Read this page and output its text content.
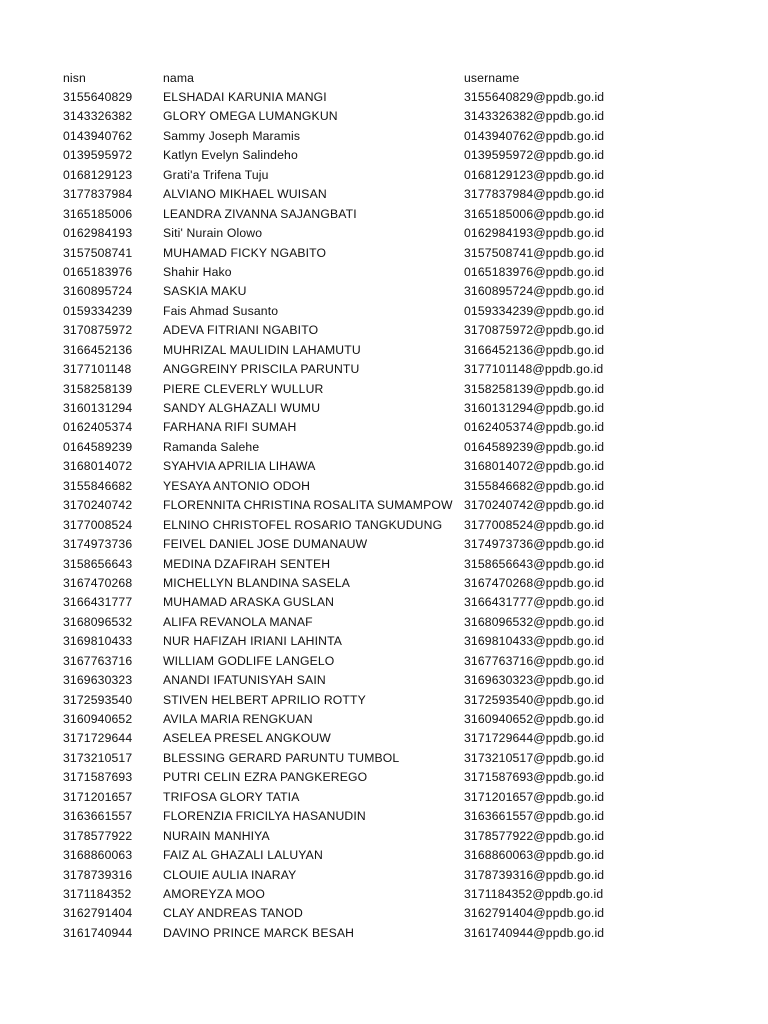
nisn	nama	username
3155640829	ELSHADAI KARUNIA MANGI	3155640829@ppdb.go.id
3143326382	GLORY OMEGA LUMANGKUN	3143326382@ppdb.go.id
0143940762	Sammy Joseph Maramis	0143940762@ppdb.go.id
0139595972	Katlyn Evelyn Salindeho	0139595972@ppdb.go.id
0168129123	Grati'a Trifena Tuju	0168129123@ppdb.go.id
3177837984	ALVIANO MIKHAEL WUISAN	3177837984@ppdb.go.id
3165185006	LEANDRA ZIVANNA SAJANGBATI	3165185006@ppdb.go.id
0162984193	Siti' Nurain Olowo	0162984193@ppdb.go.id
3157508741	MUHAMAD FICKY NGABITO	3157508741@ppdb.go.id
0165183976	Shahir Hako	0165183976@ppdb.go.id
3160895724	SASKIA MAKU	3160895724@ppdb.go.id
0159334239	Fais Ahmad Susanto	0159334239@ppdb.go.id
3170875972	ADEVA FITRIANI NGABITO	3170875972@ppdb.go.id
3166452136	MUHRIZAL MAULIDIN LAHAMUTU	3166452136@ppdb.go.id
3177101148	ANGGREINY PRISCILA PARUNTU	3177101148@ppdb.go.id
3158258139	PIERE CLEVERLY WULLUR	3158258139@ppdb.go.id
3160131294	SANDY ALGHAZALI WUMU	3160131294@ppdb.go.id
0162405374	FARHANA RIFI SUMAH	0162405374@ppdb.go.id
0164589239	Ramanda Salehe	0164589239@ppdb.go.id
3168014072	SYAHVIA APRILIA LIHAWA	3168014072@ppdb.go.id
3155846682	YESAYA ANTONIO ODOH	3155846682@ppdb.go.id
3170240742	FLORENNITA CHRISTINA ROSALITA SUMAMPOW 3170240742@ppdb.go.id
3177008524	ELNINO CHRISTOFEL ROSARIO TANGKUDUNG	3177008524@ppdb.go.id
3174973736	FEIVEL DANIEL JOSE DUMANAUW	3174973736@ppdb.go.id
3158656643	MEDINA DZAFIRAH SENTEH	3158656643@ppdb.go.id
3167470268	MICHELLYN BLANDINA SASELA	3167470268@ppdb.go.id
3166431777	MUHAMAD ARASKA GUSLAN	3166431777@ppdb.go.id
3168096532	ALIFA REVANOLA MANAF	3168096532@ppdb.go.id
3169810433	NUR HAFIZAH IRIANI LAHINTA	3169810433@ppdb.go.id
3167763716	WILLIAM GODLIFE LANGELO	3167763716@ppdb.go.id
3169630323	ANANDI IFATUNISYAH SAIN	3169630323@ppdb.go.id
3172593540	STIVEN HELBERT APRILIO ROTTY	3172593540@ppdb.go.id
3160940652	AVILA MARIA RENGKUAN	3160940652@ppdb.go.id
3171729644	ASELEA PRESEL ANGKOUW	3171729644@ppdb.go.id
3173210517	BLESSING GERARD PARUNTU TUMBOL	3173210517@ppdb.go.id
3171587693	PUTRI CELIN EZRA PANGKEREGO	3171587693@ppdb.go.id
3171201657	TRIFOSA GLORY TATIA	3171201657@ppdb.go.id
3163661557	FLORENZIA FRICILYA HASANUDIN	3163661557@ppdb.go.id
3178577922	NURAIN MANHIYA	3178577922@ppdb.go.id
3168860063	FAIZ AL GHAZALI LALUYAN	3168860063@ppdb.go.id
3178739316	CLOUIE AULIA INARAY	3178739316@ppdb.go.id
3171184352	AMOREYZA MOO	3171184352@ppdb.go.id
3162791404	CLAY ANDREAS TANOD	3162791404@ppdb.go.id
3161740944	DAVINO PRINCE MARCK BESAH	3161740944@ppdb.go.id
